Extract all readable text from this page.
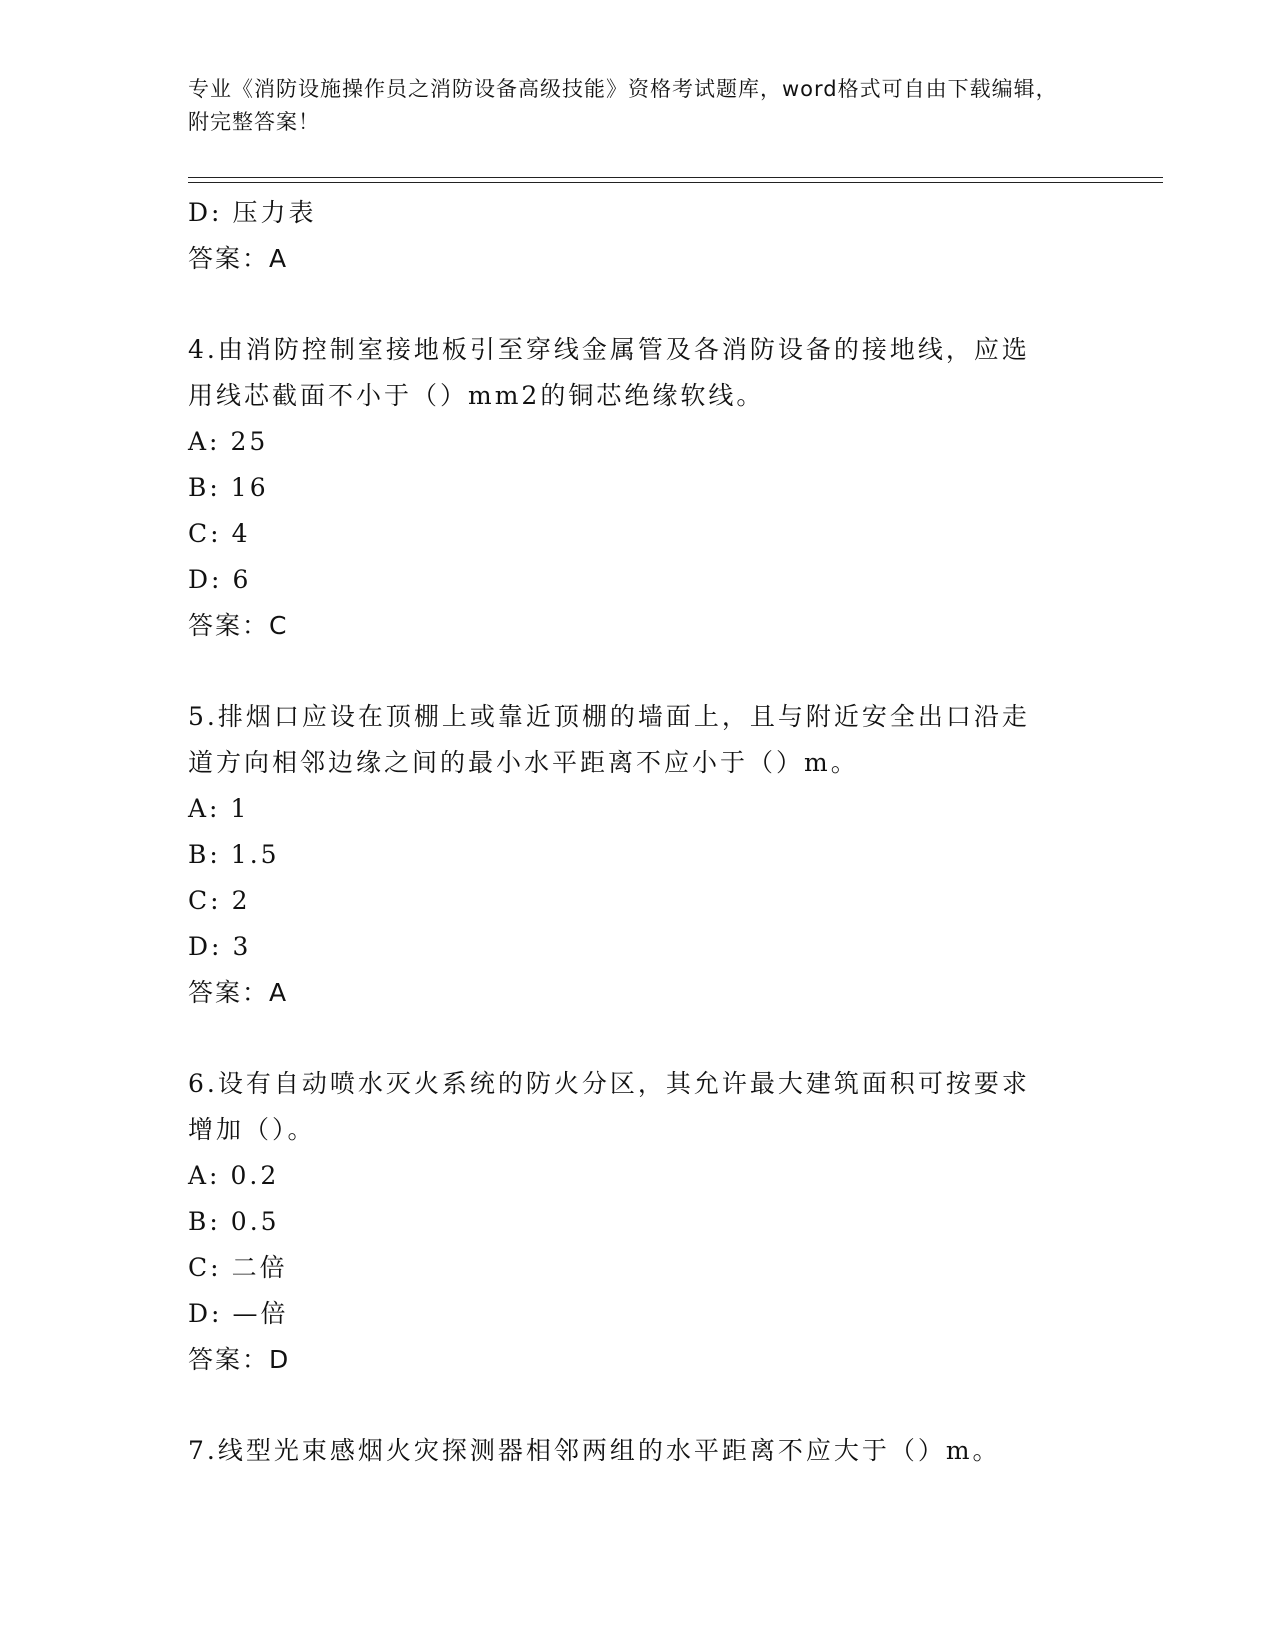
专业《消防设施操作员之消防设备高级技能》资格考试题库，word格式可自由下载编辑，附完整答案！
D: 压力表
答案：A
4.由消防控制室接地板引至穿线金属管及各消防设备的接地线，应选
用线芯截面不小于（）mm2的铜芯绝缘软线。
A: 25
B: 16
C: 4
D: 6
答案：C
5.排烟口应设在顶棚上或靠近顶棚的墙面上，且与附近安全出口沿走
道方向相邻边缘之间的最小水平距离不应小于（）m。
A: 1
B: 1.5
C: 2
D: 3
答案：A
6.设有自动喷水灭火系统的防火分区，其允许最大建筑面积可按要求
增加（）。
A: 0.2
B: 0.5
C: 二倍
D: —倍
答案：D
7.线型光束感烟火灾探测器相邻两组的水平距离不应大于（）m。
